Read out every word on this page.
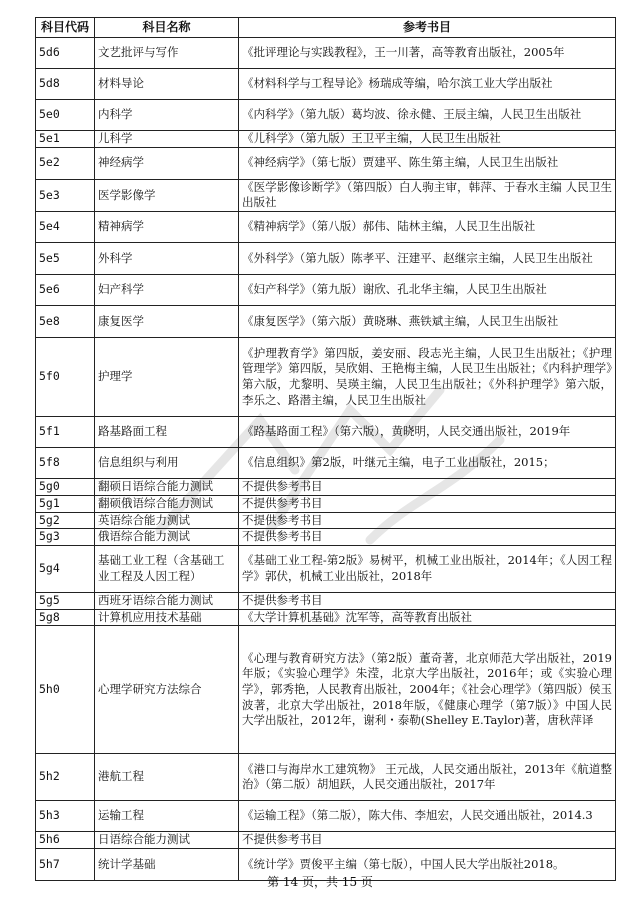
科目代码	科目名称	参考书目
5d6	文艺批评与写作	《批评理论与实践教程》，王一川著，高等教育出版社，2005年
5d8	材料导论	《材料科学与工程导论》杨瑞成等编，哈尔滨工业大学出版社
5e0	内科学	《内科学》（第九版）葛均波、徐永健、王辰主编，人民卫生出版社
5e1	儿科学	《儿科学》（第九版）王卫平主编，人民卫生出版社
5e2	神经病学	《神经病学》（第七版）贾建平、陈生第主编，人民卫生出版社
5e3	医学影像学	《医学影像诊断学》（第四版）白人驹主审，韩萍、于春水主编 人民卫生出版社
5e4	精神病学	《精神病学》（第八版）郝伟、陆林主编，人民卫生出版社
5e5	外科学	《外科学》（第九版）陈孝平、汪建平、赵继宗主编，人民卫生出版社
5e6	妇产科学	《妇产科学》（第九版）谢欣、孔北华主编，人民卫生出版社
5e8	康复医学	《康复医学》（第六版）黄晓琳、燕铁斌主编，人民卫生出版社
5f0	护理学	《护理教育学》第四版，姜安丽、段志光主编，人民卫生出版社；《护理管理学》第四版，吴欣娟、王艳梅主编，人民卫生出版社；《内科护理学》第六版，尤黎明、吴瑛主编，人民卫生出版社；《外科护理学》第六版，李乐之、路潜主编，人民卫生出版社
5f1	路基路面工程	《路基路面工程》（第六版），黄晓明，人民交通出版社，2019年
5f8	信息组织与利用	《信息组织》第2版，叶继元主编，电子工业出版社，2015；
5g0	翻硕日语综合能力测试	不提供参考书目
5g1	翻硕俄语综合能力测试	不提供参考书目
5g2	英语综合能力测试	不提供参考书目
5g3	俄语综合能力测试	不提供参考书目
5g4	基础工业工程（含基础工业工程及人因工程）	《基础工业工程-第2版》易树平，机械工业出版社，2014年；《人因工程学》郭伏，机械工业出版社，2018年
5g5	西班牙语综合能力测试	不提供参考书目
5g8	计算机应用技术基础	《大学计算机基础》沈军等，高等教育出版社
5h0	心理学研究方法综合	《心理与教育研究方法》（第2版）董奇著，北京师范大学出版社，2019年版；《实验心理学》朱滢，北京大学出版社，2016年；或《实验心理学》，郭秀艳，人民教育出版社，2004年；《社会心理学》（第四版）侯玉波著，北京大学出版社，2018年版，《健康心理学（第7版）》中国人民大学出版社，2012年，谢利・泰勒(Shelley E.Taylor)著，唐秋萍译
5h2	港航工程	《港口与海岸水工建筑物》 王元战，人民交通出版社，2013年《航道整治》（第二版）胡旭跃，人民交通出版社，2017年
5h3	运输工程	《运输工程》（第二版），陈大伟、李旭宏，人民交通出版社，2014.3
5h6	日语综合能力测试	不提供参考书目
5h7	统计学基础	《统计学》贾俊平主编（第七版），中国人民大学出版社2018。
第 14 页，共 15 页
